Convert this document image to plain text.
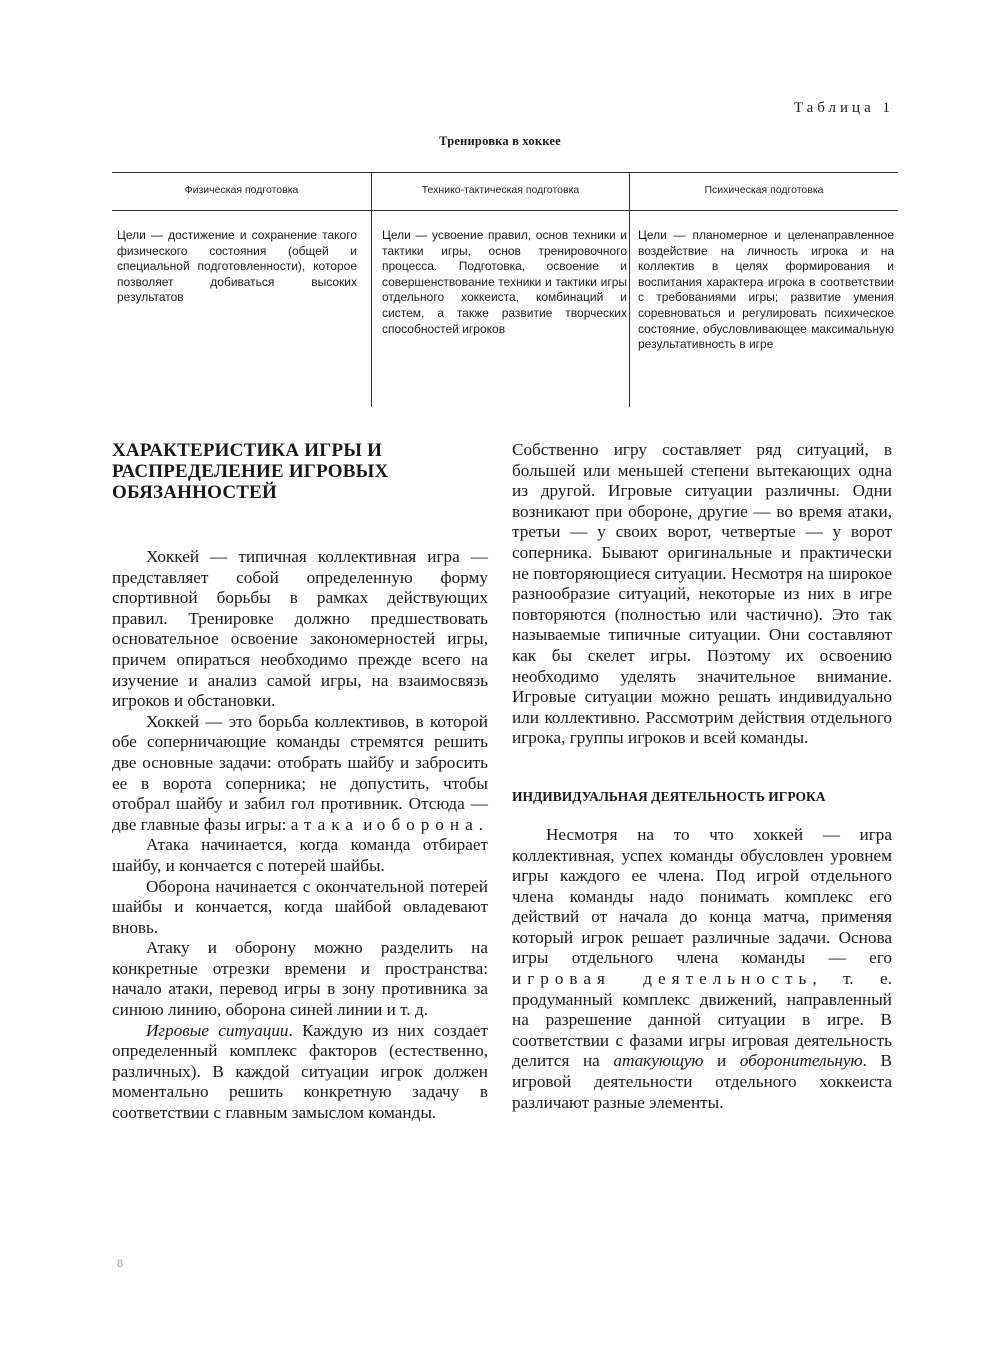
Таблица 1
Тренировка в хоккее
Физическая подготовка	Технико-тактическая подготовка	Психическая подготовка
Цели — достижение и сохранение такого физического состояния (общей и специальной подготовленности), которое позволяет добиваться высоких результатов
Цели — усвоение правил, основ техники и тактики игры, основ тренировочного процесса. Подготовка, освоение и совершенствование техники и тактики игры отдельного хоккеиста, комбинаций и систем, а также развитие творческих способностей игроков
Цели — планомерное и целенаправленное воздействие на личность игрока и на коллектив в целях формирования и воспитания характера игрока в соответствии с требованиями игры; развитие умения соревноваться и регулировать психическое состояние, обусловливающее максимальную результативность в игре
ХАРАКТЕРИСТИКА ИГРЫ И РАСПРЕДЕЛЕНИЕ ИГРОВЫХ ОБЯЗАННОСТЕЙ

Хоккей — типичная коллективная игра — представляет собой определенную форму спортивной борьбы в рамках действующих правил. Тренировке должно предшествовать основательное освоение закономерностей игры, причем опираться необходимо прежде всего на изучение и анализ самой игры, на взаимосвязь игроков и обстановки.

Хоккей — это борьба коллективов, в которой обе соперничающие команды стремятся решить две основные задачи: отобрать шайбу и забросить ее в ворота соперника; не допустить, чтобы отобрал шайбу и забил гол противник. Отсюда — две главные фазы игры: атака и оборона.

Атака начинается, когда команда отбирает шайбу, и кончается с потерей шайбы.

Оборона начинается с окончательной потерей шайбы и кончается, когда шайбой овладевают вновь.

Атаку и оборону можно разделить на конкретные отрезки времени и пространства: начало атаки, перевод игры в зону противника за синюю линию, оборона синей линии и т. д.

Игровые ситуации. Каждую из них создает определенный комплекс факторов (естественно, различных). В каждой ситуации игрок должен моментально решить конкретную задачу в соответствии с главным замыслом команды.

Собственно игру составляет ряд ситуаций, в большей или меньшей степени вытекающих одна из другой. Игровые ситуации различны. Одни возникают при обороне, другие — во время атаки, третьи — у своих ворот, четвертые — у ворот соперника. Бывают оригинальные и практически не повторяющиеся ситуации. Несмотря на широкое разнообразие ситуаций, некоторые из них в игре повторяются (полностью или частично). Это так называемые типичные ситуации. Они составляют как бы скелет игры. Поэтому их освоению необходимо уделять значительное внимание. Игровые ситуации можно решать индивидуально или коллективно. Рассмотрим действия отдельного игрока, группы игроков и всей команды.

ИНДИВИДУАЛЬНАЯ ДЕЯТЕЛЬНОСТЬ ИГРОКА

Несмотря на то что хоккей — игра коллективная, успех команды обусловлен уровнем игры каждого ее члена. Под игрой отдельного члена команды надо понимать комплекс его действий от начала до конца матча, применяя который игрок решает различные задачи. Основа игры отдельного члена команды — его игровая деятельность, т. е. продуманный комплекс движений, направленный на разрешение данной ситуации в игре. В соответствии с фазами игры игровая деятельность делится на атакующую и оборонительную. В игровой деятельности отдельного хоккеиста различают разные элементы.

8
